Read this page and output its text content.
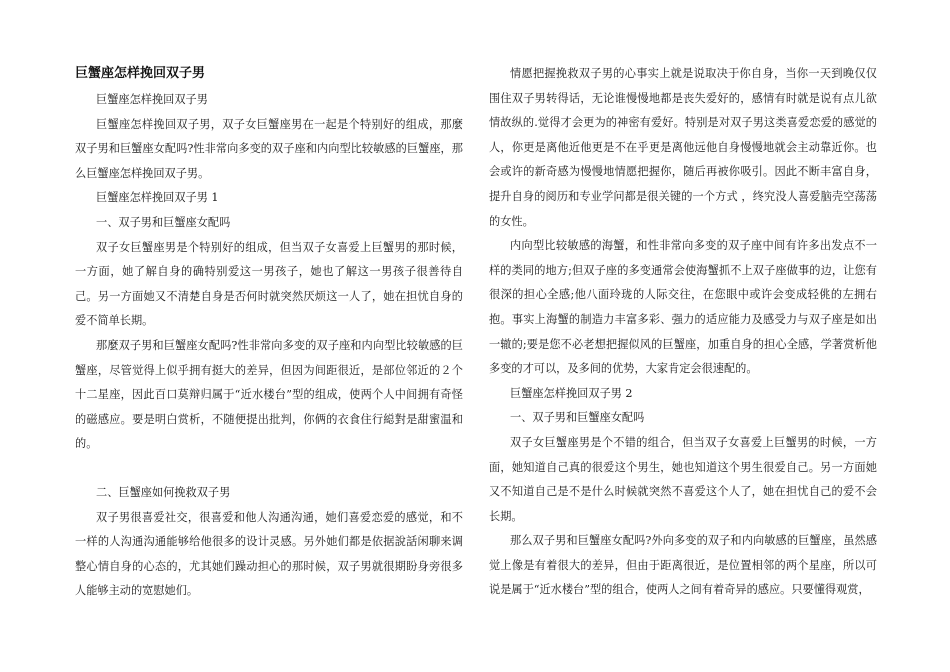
巨蟹座怎样挽回双子男

巨蟹座怎样挽回双子男

巨蟹座怎样挽回双子男，双子女巨蟹座男在一起是个特别好的组成，那麼双子男和巨蟹座女配吗?性非常向多变的双子座和内向型比较敏感的巨蟹座，那么巨蟹座怎样挽回双子男。

巨蟹座怎样挽回双子男 1

一、双子男和巨蟹座女配吗

双子女巨蟹座男是个特别好的组成，但当双子女喜爱上巨蟹男的那时候，一方面，她了解自身的确特别爱这一男孩子，她也了解这一男孩子很善待自己。另一方面她又不清楚自身是否何时就突然厌烦这一人了，她在担忧自身的爱不简单长期。

那麼双子男和巨蟹座女配吗?性非常向多变的双子座和内向型比较敏感的巨蟹座，尽管觉得上似乎拥有挺大的差异，但因为间距很近，是部位邻近的２个十二星座，因此百口莫辩归属于“近水楼台”型的组成，使两个人中间拥有奇怪的磁感应。要是明白赏析，不随便提出批判，你俩的衣食住行縂對是甜蜜温和的。

二、巨蟹座如何挽救双子男

双子男很喜爱社交，很喜爱和他人沟通沟通，她们喜爱恋爱的感觉，和不一样的人沟通沟通能够给他很多的设计灵感。另外她们都是依据說話闲聊来调整心情自身的心态的，尤其她们躁动担心的那时候，双子男就很期盼身旁很多人能够主动的宽慰她们。

情愿把握挽救双子男的心事实上就是说取决于你自身，当你一天到晚仅仅围住双子男转得话，无论谁慢慢地都是丧失爱好的，感情有时就是说有点儿欲情故纵的.觉得才会更为的神密有爱好。特别是对双子男这类喜爱恋爱的感觉的人，你更是离他近他更是不在乎更是离他远他自身慢慢地就会主动靠近你。也会或许的新奇感为慢慢地情愿把握你，随后再被你吸引。因此不断丰富自身，提升自身的阅历和专业学问都是很关键的一个方式 ，终究没人喜爱脑壳空荡荡的女性。

内向型比较敏感的海蟹，和性非常向多变的双子座中间有许多出发点不一样的类同的地方;但双子座的多变通常会使海蟹抓不上双子座做事的边，让您有很深的担心全感;他八面玲珑的人际交往，在您眼中或许会变成轻佻的左拥右抱。事实上海蟹的制造力丰富多彩、强力的适应能力及感受力与双子座是如出一辙的;要是您不必老想把握似风的巨蟹座，加重自身的担心全感，学著赏析他多变的才可以，及多间的优势，大家肯定会很速配的。

巨蟹座怎样挽回双子男 2

一、双子男和巨蟹座女配吗

双子女巨蟹座男是个不错的组合，但当双子女喜爱上巨蟹男的时候，一方面，她知道自己真的很爱这个男生，她也知道这个男生很爱自己。另一方面她又不知道自己是不是什么时候就突然不喜爱这个人了，她在担忧自己的爱不会长期。

那么双子男和巨蟹座女配吗?外向多变的双子和内向敏感的巨蟹座，虽然感觉上像是有着很大的差异，但由于距离很近，是位置相邻的两个星座，所以可说是属于“近水楼台”型的组合，使两人之间有着奇异的感应。只要懂得观赏，
